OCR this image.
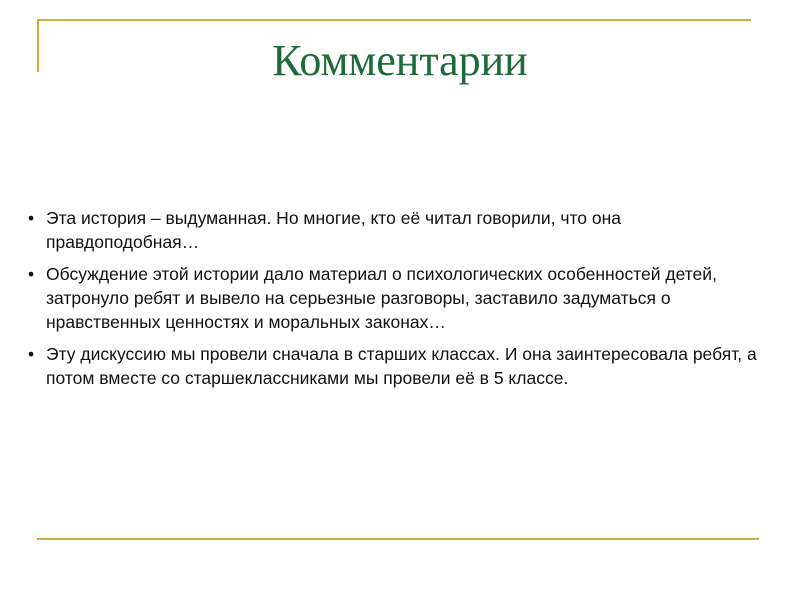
Комментарии
• Эта история – выдуманная. Но многие, кто её читал говорили, что она правдоподобная…
• Обсуждение этой истории дало материал о психологических особенностей детей, затронуло ребят и вывело на серьезные разговоры, заставило задуматься о нравственных ценностях и моральных законах…
• Эту дискуссию мы провели сначала в старших классах. И она заинтересовала ребят, а потом вместе со старшеклассниками мы провели её в 5 классе.
